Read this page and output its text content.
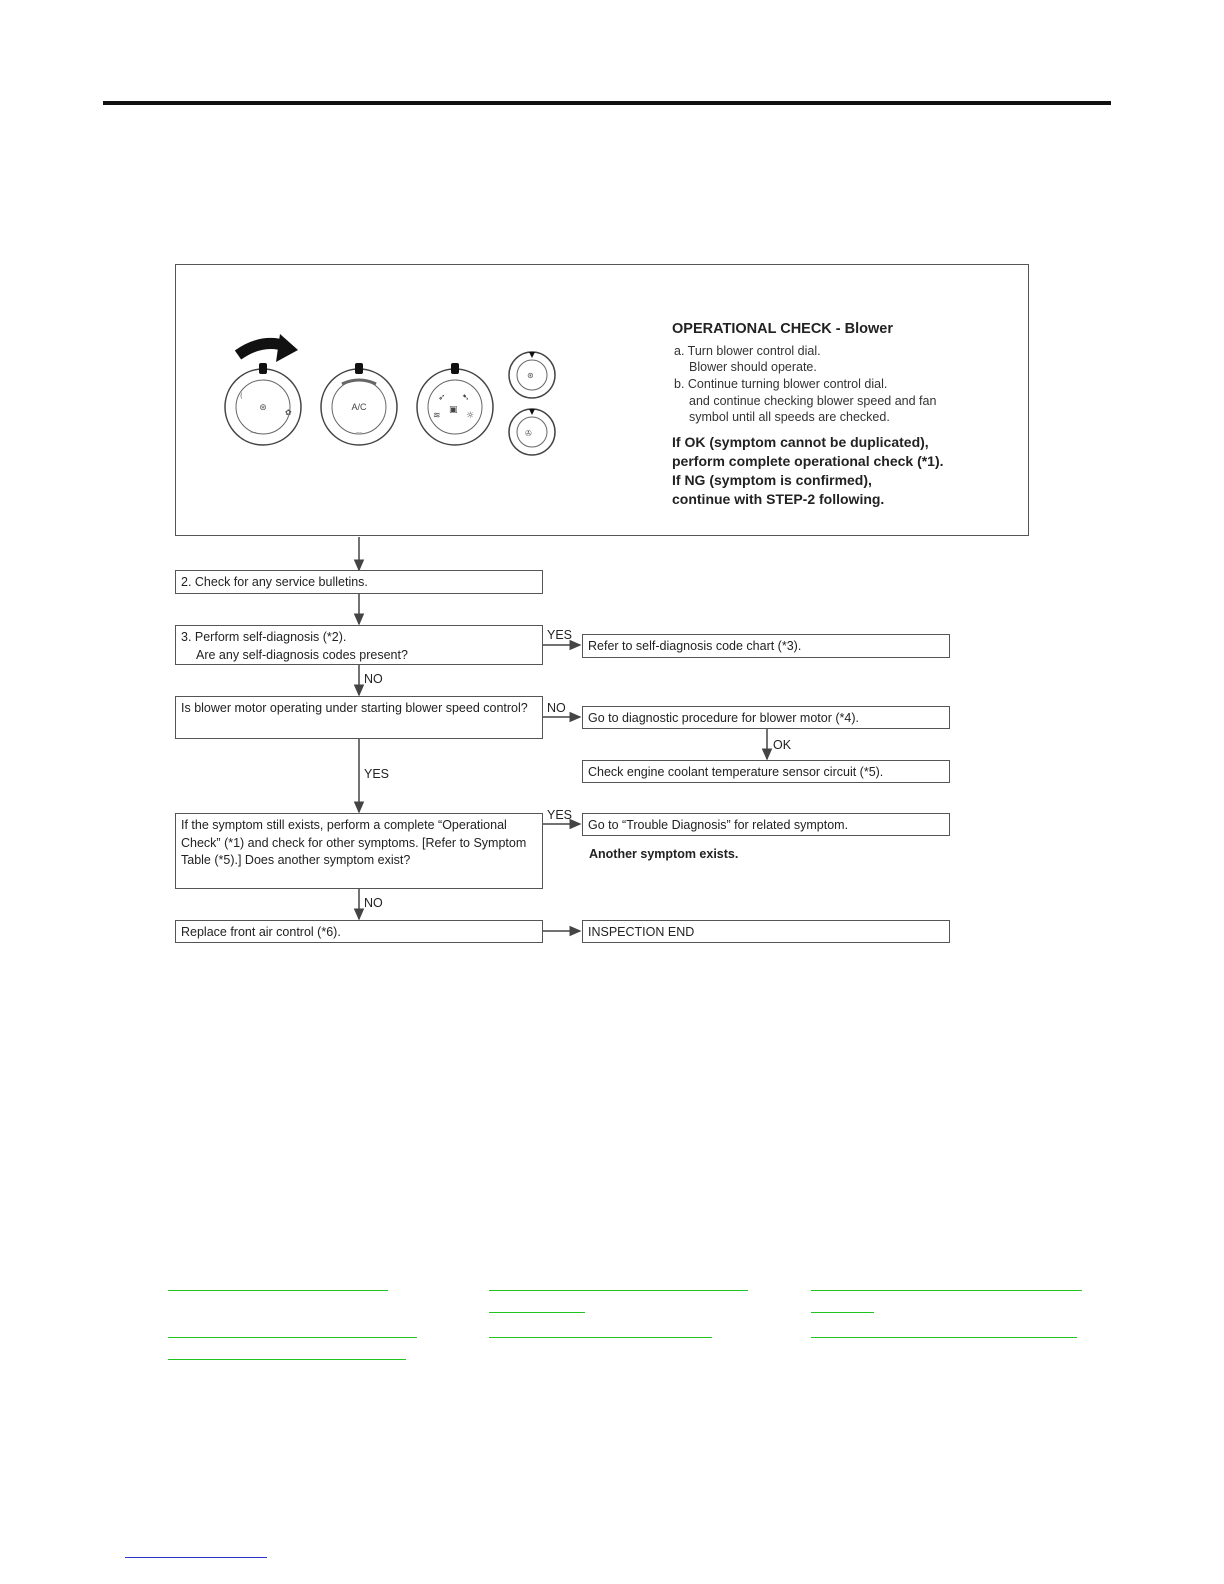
⊛ ✿
(
⌒	⌒
A/C
➶ ➷
▣
≋	☼
⊛
✇
OPERATIONAL CHECK - Blower
a. Turn blower control dial.
Blower should operate.
b. Continue turning blower control dial.
and continue checking blower speed and fan
symbol until all speeds are checked.
If OK (symptom cannot be duplicated),
perform complete operational check (*1).
If NG (symptom is confirmed),
continue with STEP-2 following.
2. Check for any service bulletins.
3. Perform self-diagnosis (*2).
Are any self-diagnosis codes present?
Refer to self-diagnosis code chart (*3).
Is blower motor operating under starting blower speed control?
Go to diagnostic procedure for blower motor (*4).
Check engine coolant temperature sensor circuit (*5).
If the symptom still exists, perform a complete “Operational Check” (*1) and check for other symptoms. [Refer to Symptom Table (*5).] Does another symptom exist?
Go to “Trouble Diagnosis” for related symptom.
Another symptom exists.
Replace front air control (*6).	INSPECTION END
YES
NO
NO
OK
YES
YES
NO
